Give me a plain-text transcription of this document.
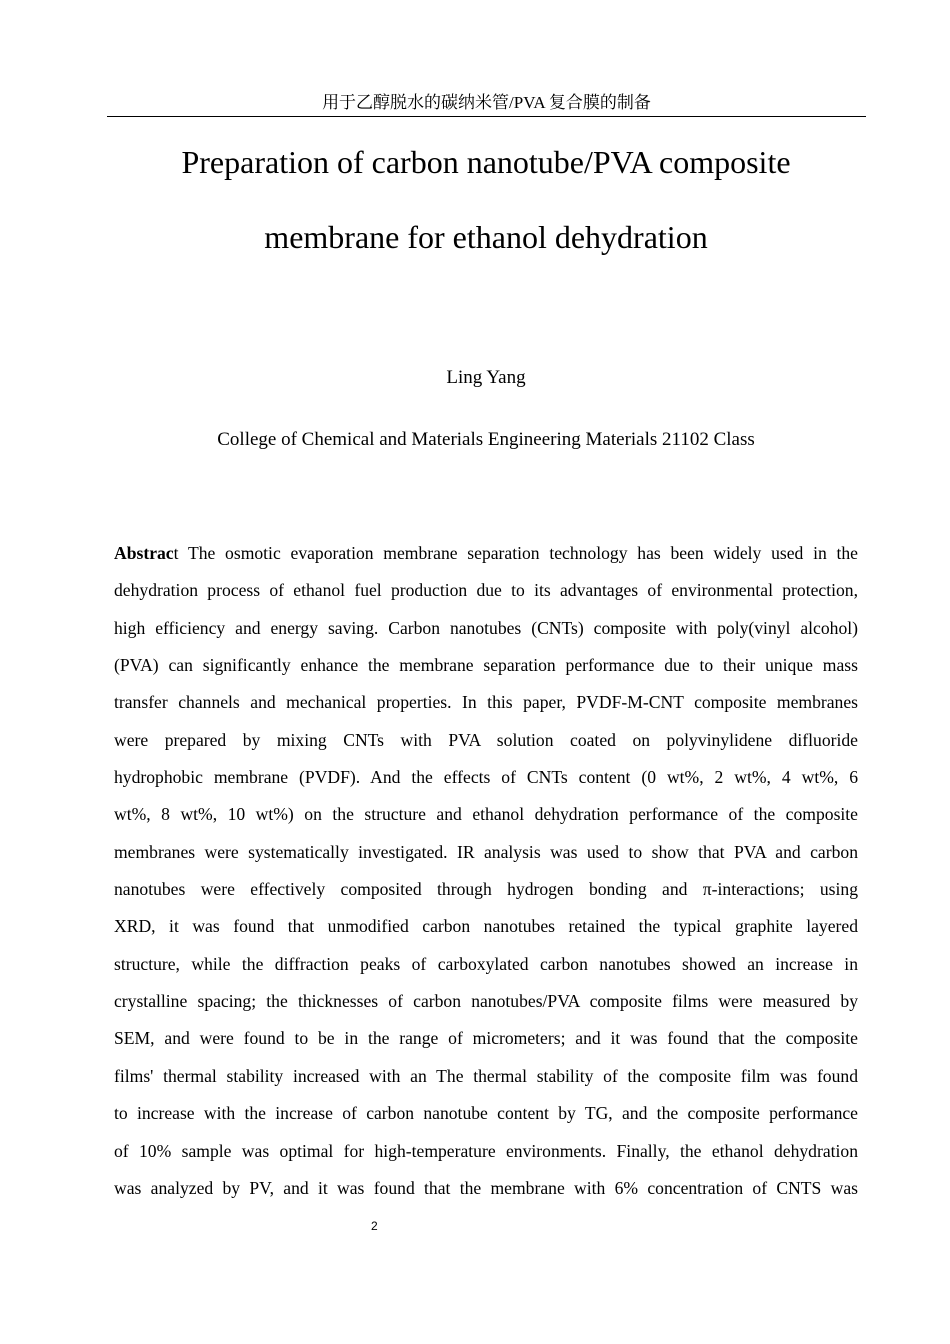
用于乙醇脱水的碳纳米管/PVA 复合膜的制备
Preparation of carbon nanotube/PVA composite
membrane for ethanol dehydration
Ling Yang
College of Chemical and Materials Engineering Materials 21102 Class
Abstract The osmotic evaporation membrane separation technology has been widely used in the
dehydration process of ethanol fuel production due to its advantages of environmental protection,
high efficiency and energy saving. Carbon nanotubes (CNTs) composite with poly(vinyl alcohol)
(PVA) can significantly enhance the membrane separation performance due to their unique mass
transfer channels and mechanical properties. In this paper, PVDF-M-CNT composite membranes
were prepared by mixing CNTs with PVA solution coated on polyvinylidene difluoride
hydrophobic membrane (PVDF). And the effects of CNTs content (0 wt%, 2 wt%, 4 wt%, 6
wt%, 8 wt%, 10 wt%) on the structure and ethanol dehydration performance of the composite
membranes were systematically investigated. IR analysis was used to show that PVA and carbon
nanotubes were effectively composited through hydrogen bonding and π-interactions; using
XRD, it was found that unmodified carbon nanotubes retained the typical graphite layered
structure, while the diffraction peaks of carboxylated carbon nanotubes showed an increase in
crystalline spacing; the thicknesses of carbon nanotubes/PVA composite films were measured by
SEM, and were found to be in the range of micrometers; and it was found that the composite
films' thermal stability increased with an The thermal stability of the composite film was found
to increase with the increase of carbon nanotube content by TG, and the composite performance
of 10% sample was optimal for high-temperature environments. Finally, the ethanol dehydration
was analyzed by PV, and it was found that the membrane with 6% concentration of CNTS was
2
